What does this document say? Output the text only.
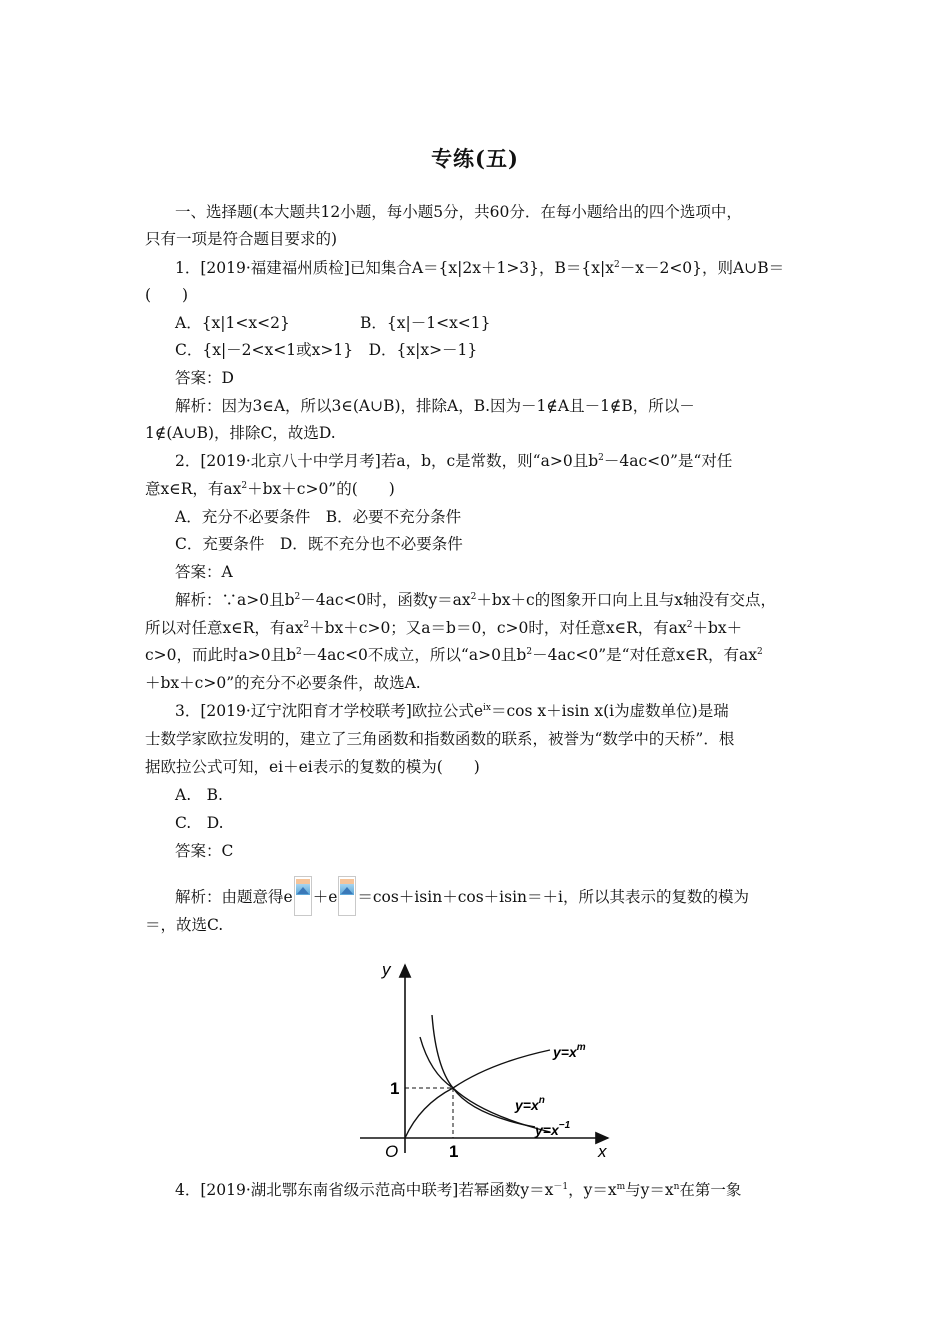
专练(五)
一、选择题(本大题共12小题，每小题5分，共60分．在每小题给出的四个选项中，
只有一项是符合题目要求的)
1．[2019·福建福州质检]已知集合A＝{x|2x＋1>3}，$B=\{x|x^2-x-2<0\}$，则A∪B＝
(　　)
A．{x|1<x<2}	B．{x|－1<x<1}
C．{x|－2<x<1或x>1}　D．{x|x>－1}
答案：D
解析：因为3∈A，所以3∈(A∪B)，排除A，B.因为－1∉A且－1∉B，所以－
1∉(A∪B)，排除C，故选D.
2．[2019·北京八十中学月考]若a，b，c是常数，则“a>0且$b^2-4ac<0$”是“对任
意x∈R，有$ax^2+bx+c>0$”的(　　)
A．充分不必要条件　B．必要不充分条件
C．充要条件　D．既不充分也不必要条件
答案：A
解析：∵a>0且$b^2-4ac<0$时，函数$y=ax^2+bx+c$的图象开口向上且与x轴没有交点，
所以对任意x∈R，有$ax^2+bx+c>0$；又a＝b＝0，c>0时，对任意x∈R，有$ax^2+bx+$
c>0，而此时a>0且$b^2-4ac<0$不成立，所以“a>0且$b^2-4ac<0$”是“对任意x∈R，有$ax^2$
＋bx＋c>0”的充分不必要条件，故选A.
3．[2019·辽宁沈阳育才学校联考]欧拉公式$e^{ix}=\cos$ x＋isin x(i为虚数单位)是瑞
士数学家欧拉发明的，建立了三角函数和指数函数的联系，被誉为“数学中的天桥”．根
据欧拉公式可知，ei＋ei表示的复数的模为(　　)
A.　B.
C.　D.
答案：C
解析：由题意得e ＋e ＝cos＋isin＋cos＋isin＝＋i，所以其表示的复数的模为
＝，故选C.
y
x
O	1
1
$y=x^m$
$y=x^n$
$y=x^{-1}$
4．[2019·湖北鄂东南省级示范高中联考]若幂函数$y=x^{-1}$，$y=x^m$与$y=x^n$在第一象
